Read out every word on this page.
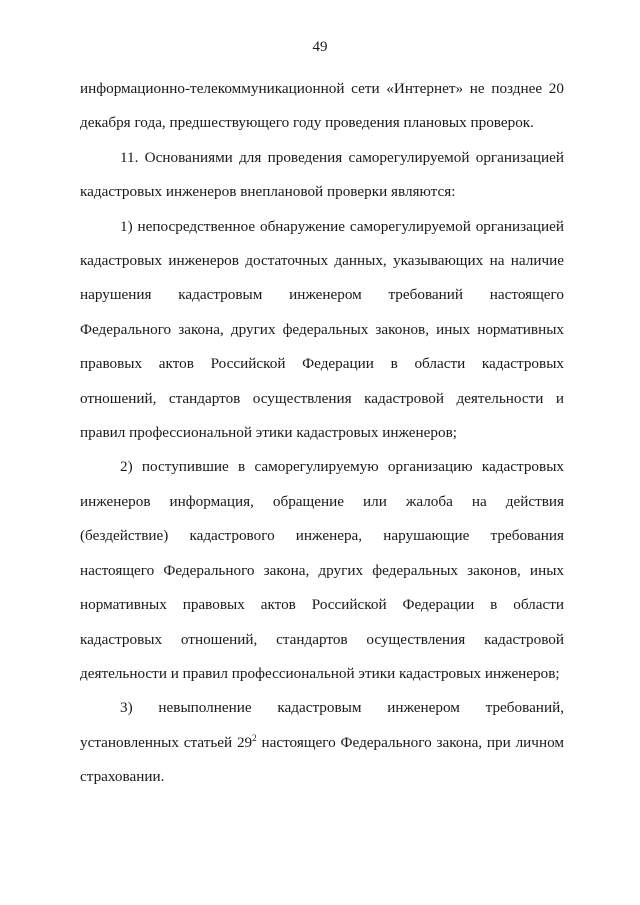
49

информационно-телекоммуникационной сети «Интернет» не позднее 20 декабря года, предшествующего году проведения плановых проверок.

11. Основаниями для проведения саморегулируемой организацией кадастровых инженеров внеплановой проверки являются:

1) непосредственное обнаружение саморегулируемой организацией кадастровых инженеров достаточных данных, указывающих на наличие нарушения кадастровым инженером требований настоящего Федерального закона, других федеральных законов, иных нормативных правовых актов Российской Федерации в области кадастровых отношений, стандартов осуществления кадастровой деятельности и правил профессиональной этики кадастровых инженеров;

2) поступившие в саморегулируемую организацию кадастровых инженеров информация, обращение или жалоба на действия (бездействие) кадастрового инженера, нарушающие требования настоящего Федерального закона, других федеральных законов, иных нормативных правовых актов Российской Федерации в области кадастровых отношений, стандартов осуществления кадастровой деятельности и правил профессиональной этики кадастровых инженеров;

3) невыполнение кадастровым инженером требований, установленных статьей $29^2$ настоящего Федерального закона, при личном страховании.
